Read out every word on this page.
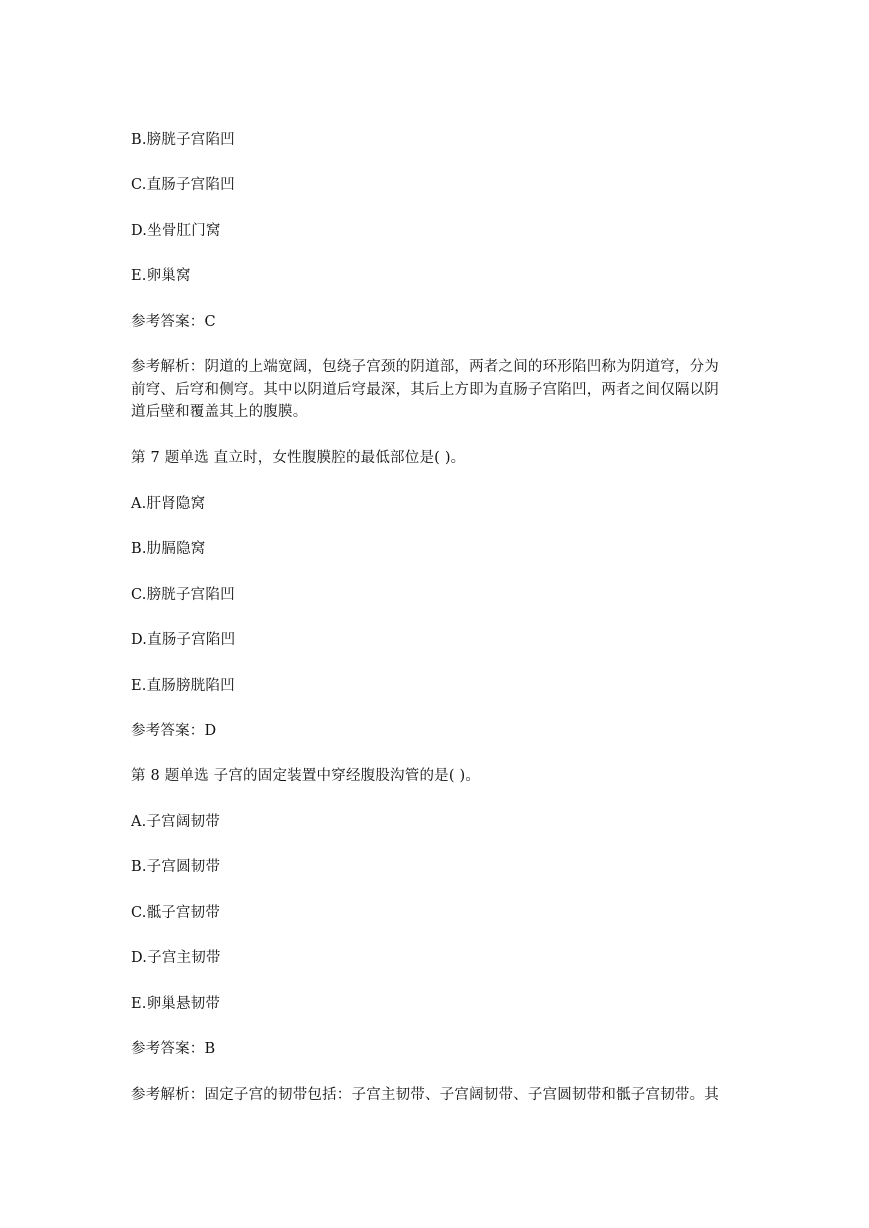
B.膀胱子宫陷凹
C.直肠子宫陷凹
D.坐骨肛门窝
E.卵巢窝
参考答案：C
参考解析：阴道的上端宽阔，包绕子宫颈的阴道部，两者之间的环形陷凹称为阴道穹，分为
前穹、后穹和侧穹。其中以阴道后穹最深，其后上方即为直肠子宫陷凹，两者之间仅隔以阴
道后壁和覆盖其上的腹膜。
第 7 题单选 直立时，女性腹膜腔的最低部位是( )。
A.肝肾隐窝
B.肋膈隐窝
C.膀胱子宫陷凹
D.直肠子宫陷凹
E.直肠膀胱陷凹
参考答案：D
第 8 题单选 子宫的固定装置中穿经腹股沟管的是( )。
A.子宫阔韧带
B.子宫圆韧带
C.骶子宫韧带
D.子宫主韧带
E.卵巢悬韧带
参考答案：B
参考解析：固定子宫的韧带包括：子宫主韧带、子宫阔韧带、子宫圆韧带和骶子宫韧带。其
